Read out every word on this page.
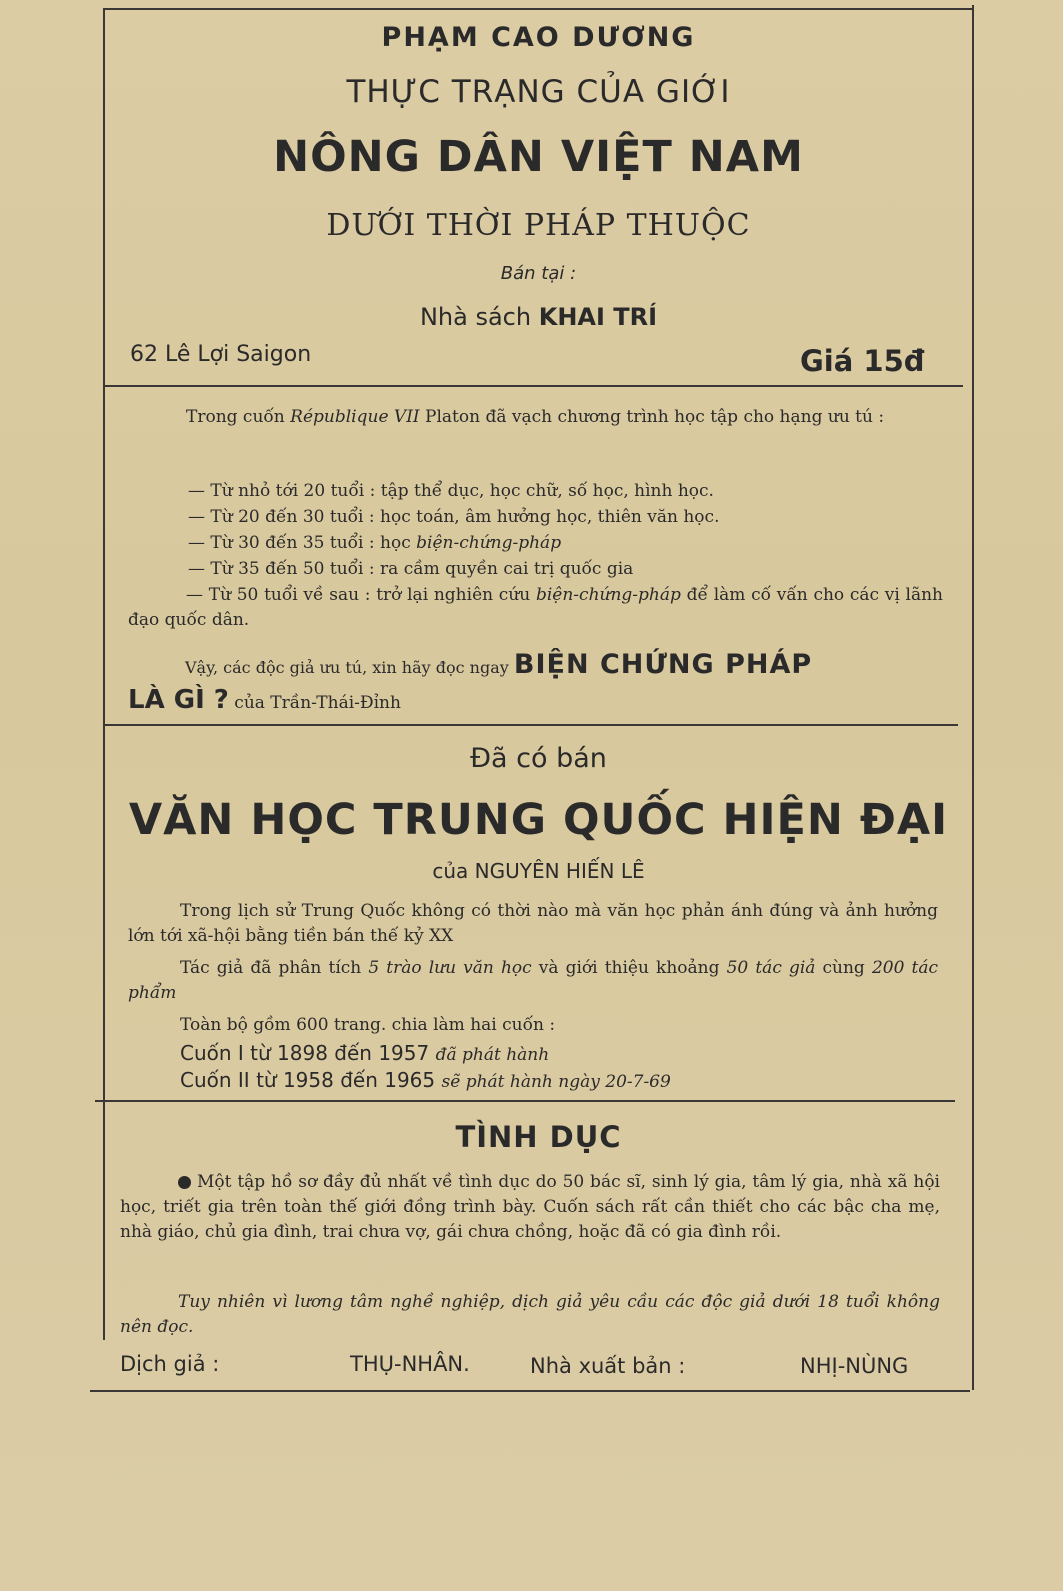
PHẠM CAO DƯƠNG
THỰC TRẠNG CỦA GIỚI
NÔNG DÂN VIỆT NAM
DƯỚI THỜI PHÁP THUỘC
Bán tại :
Nhà sách KHAI TRÍ
62 Lê Lợi Saigon	Giá 15đ
Trong cuốn République VII Platon đã vạch chương trình học tập cho hạng ưu tú :
— Từ nhỏ tới 20 tuổi : tập thể dục, học chữ, số học, hình học.
— Từ 20 đến 30 tuổi : học toán, âm hưởng học, thiên văn học.
— Từ 30 đến 35 tuổi : học biện-chứng-pháp
— Từ 35 đến 50 tuổi : ra cầm quyền cai trị quốc gia
— Từ 50 tuổi về sau : trở lại nghiên cứu biện-chứng-pháp để làm cố vấn cho các vị lãnh đạo quốc dân.
Vậy, các độc giả ưu tú, xin hãy đọc ngay BIỆN CHỨNG PHÁP
LÀ GÌ ? của Trần-Thái-Đỉnh
Đã có bán
VĂN HỌC TRUNG QUỐC HIỆN ĐẠI
của NGUYÊN HIẾN LÊ
Trong lịch sử Trung Quốc không có thời nào mà văn học phản ánh đúng và ảnh hưởng lớn tới xã-hội bằng tiền bán thế kỷ XX
Tác giả đã phân tích 5 trào lưu văn học và giới thiệu khoảng 50 tác giả cùng 200 tác phẩm
Toàn bộ gồm 600 trang. chia làm hai cuốn :
Cuốn I từ 1898 đến 1957 đã phát hành
Cuốn II từ 1958 đến 1965 sẽ phát hành ngày 20-7-69
TÌNH DỤC
Một tập hồ sơ đầy đủ nhất về tình dục do 50 bác sĩ, sinh lý gia, tâm lý gia, nhà xã hội học, triết gia trên toàn thế giới đồng trình bày. Cuốn sách rất cần thiết cho các bậc cha mẹ, nhà giáo, chủ gia đình, trai chưa vợ, gái chưa chồng, hoặc đã có gia đình rồi.
Tuy nhiên vì lương tâm nghề nghiệp, dịch giả yêu cầu các độc giả dưới 18 tuổi không nên đọc.
Dịch giả :	THỤ-NHÂN.	Nhà xuất bản :	NHỊ-NÙNG
